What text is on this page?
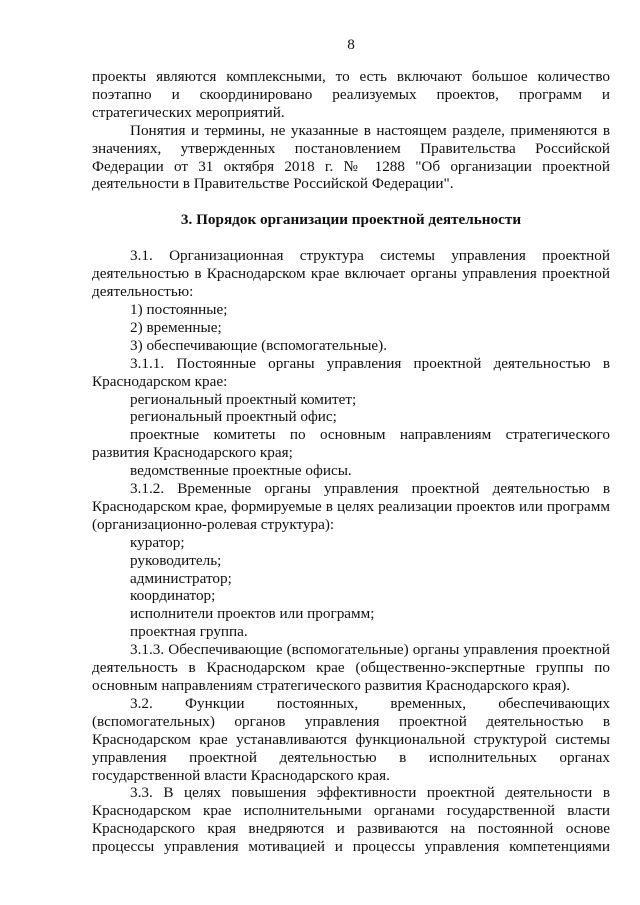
8

проекты являются комплексными, то есть включают большое количество поэтапно и скоординировано реализуемых проектов, программ и стратегических мероприятий.

Понятия и термины, не указанные в настоящем разделе, применяются в значениях, утвержденных постановлением Правительства Российской Федерации от 31 октября 2018 г. № 1288 "Об организации проектной деятельности в Правительстве Российской Федерации".

3. Порядок организации проектной деятельности

3.1. Организационная структура системы управления проектной деятельностью в Краснодарском крае включает органы управления проектной деятельностью:

1) постоянные;

2) временные;

3) обеспечивающие (вспомогательные).

3.1.1. Постоянные органы управления проектной деятельностью в Краснодарском крае:

региональный проектный комитет;

региональный проектный офис;

проектные комитеты по основным направлениям стратегического развития Краснодарского края;

ведомственные проектные офисы.

3.1.2. Временные органы управления проектной деятельностью в Краснодарском крае, формируемые в целях реализации проектов или программ (организационно-ролевая структура):

куратор;

руководитель;

администратор;

координатор;

исполнители проектов или программ;

проектная группа.

3.1.3. Обеспечивающие (вспомогательные) органы управления проектной деятельность в Краснодарском крае (общественно-экспертные группы по основным направлениям стратегического развития Краснодарского края).

3.2. Функции постоянных, временных, обеспечивающих (вспомогательных) органов управления проектной деятельностью в Краснодарском крае устанавливаются функциональной структурой системы управления проектной деятельностью в исполнительных органах государственной власти Краснодарского края.

3.3. В целях повышения эффективности проектной деятельности в Краснодарском крае исполнительными органами государственной власти Краснодарского края внедряются и развиваются на постоянной основе процессы управления мотивацией и процессы управления компетенциями
